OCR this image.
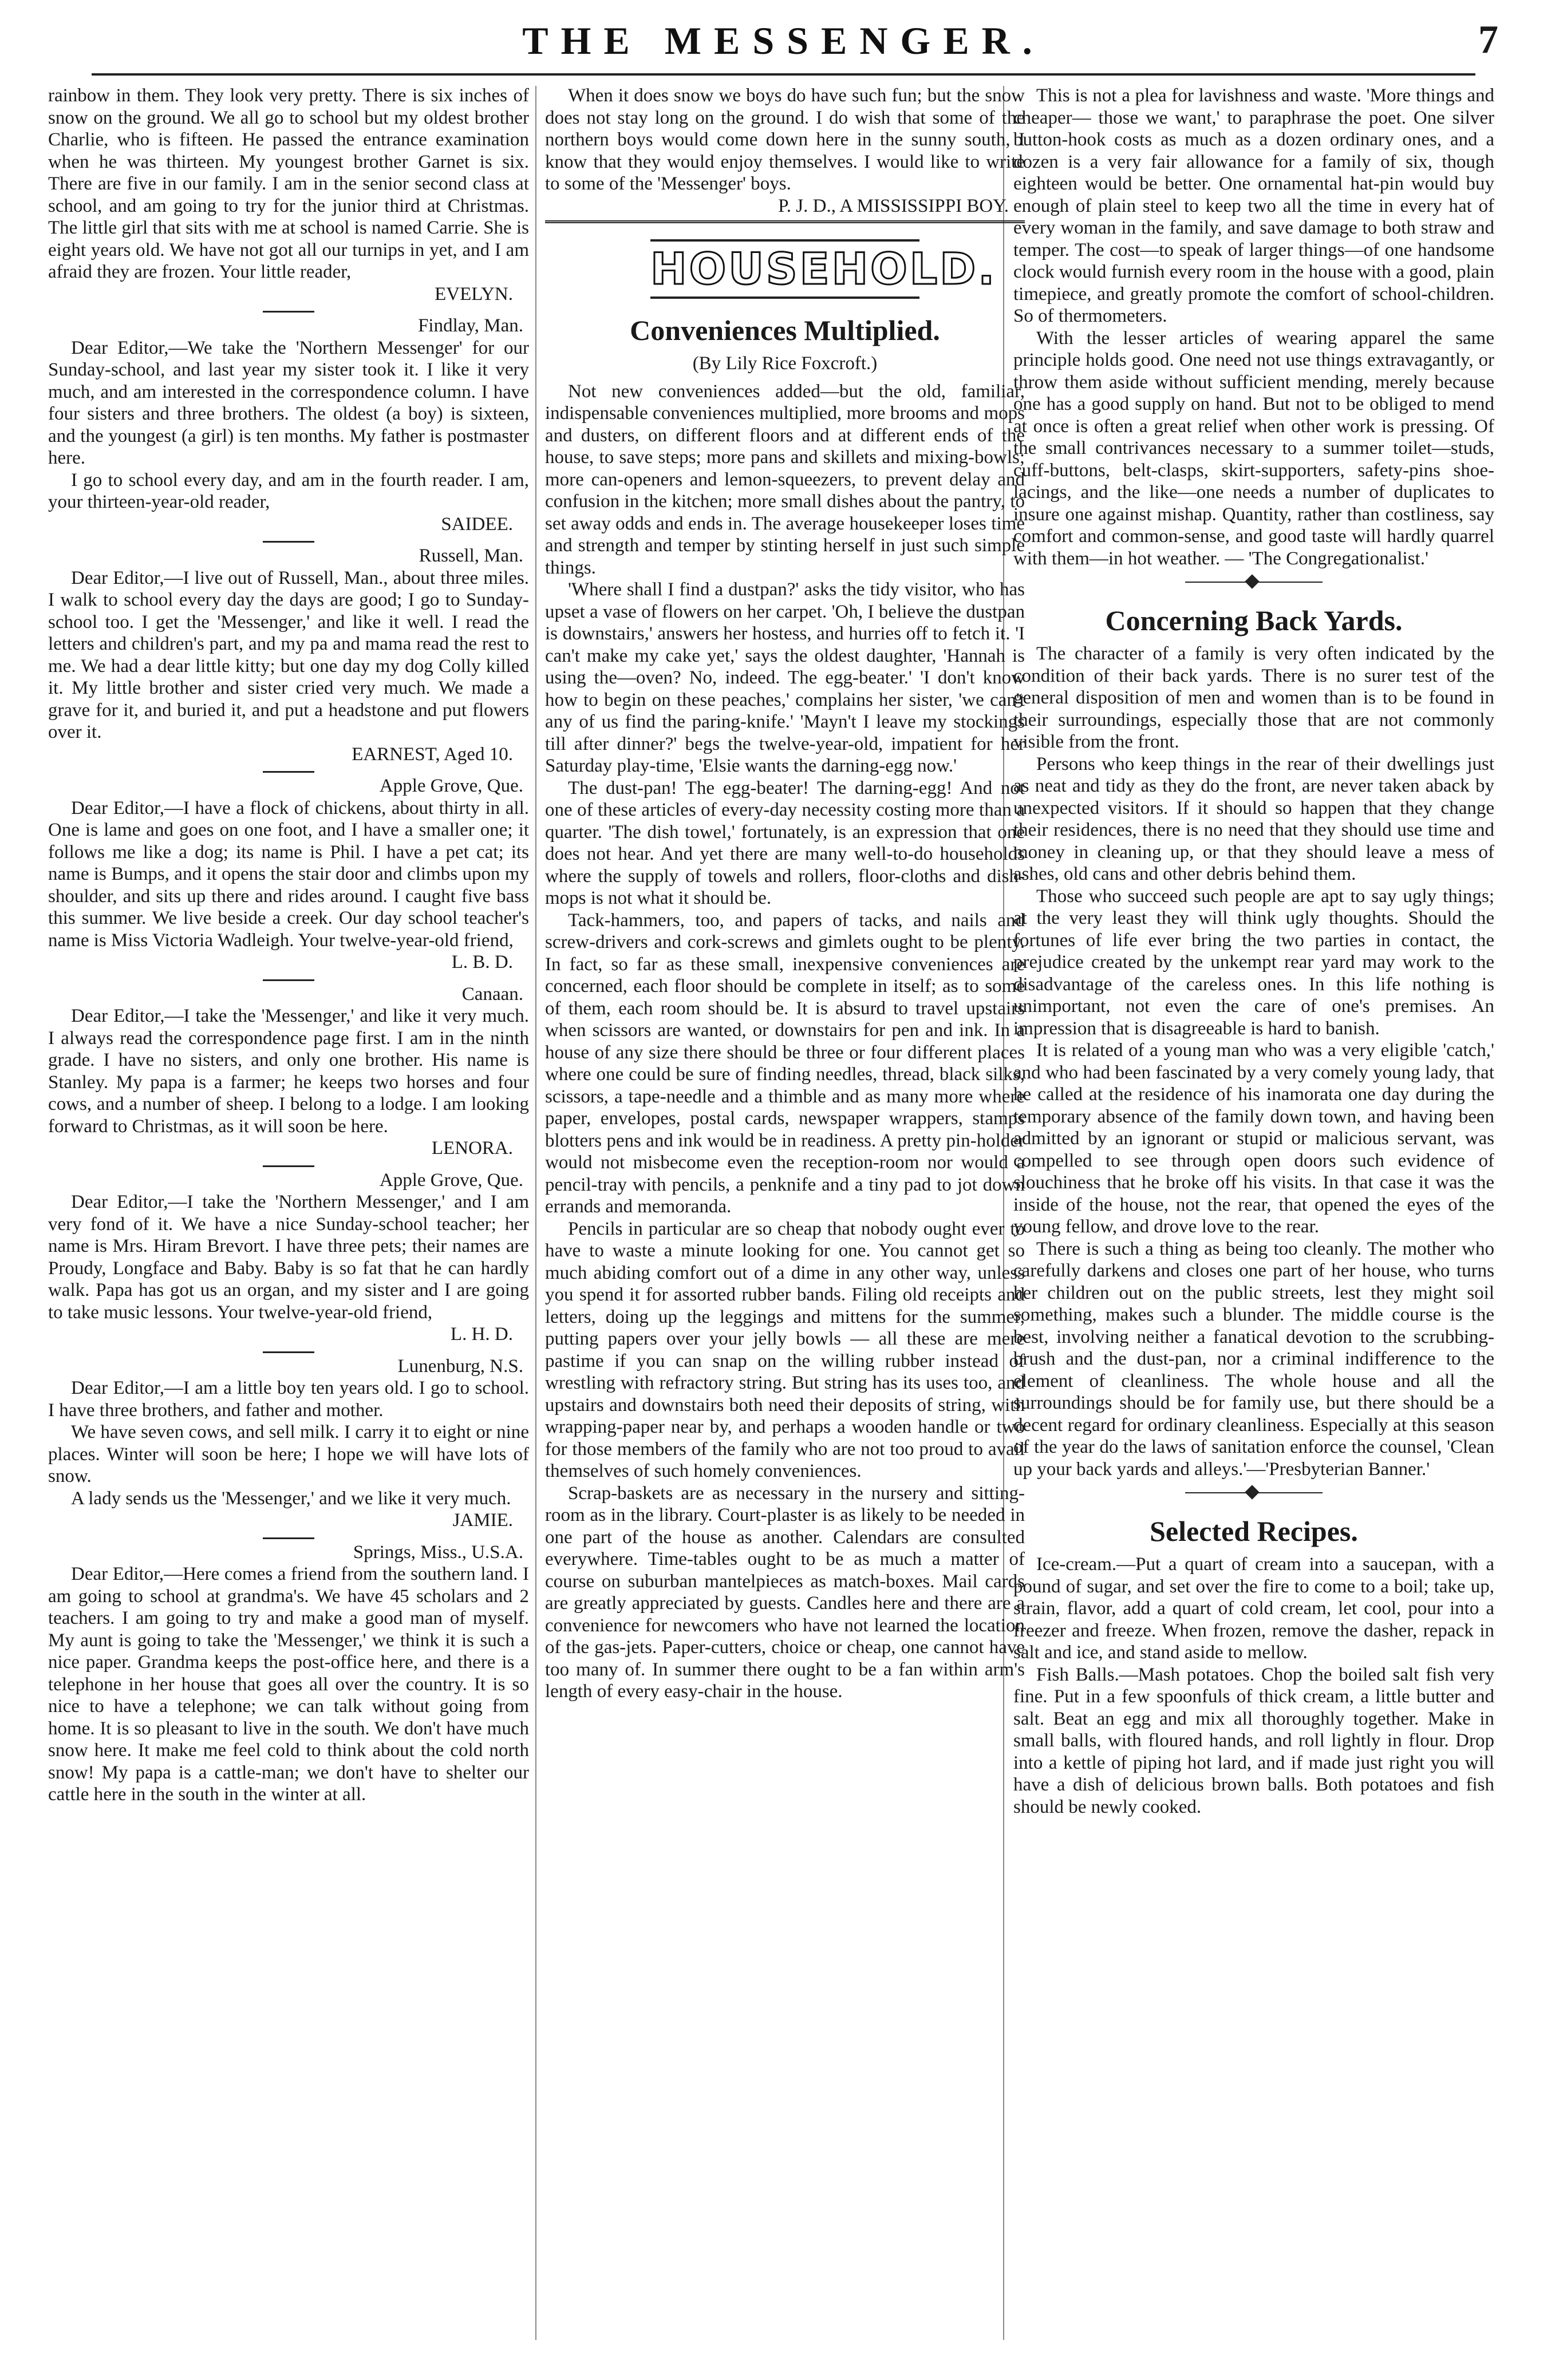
THE MESSENGER.	7

rainbow in them. They look very pretty. There is six inches of snow on the ground. We all go to school but my oldest brother Charlie, who is fifteen. He passed the entrance examination when he was thirteen. My youngest brother Garnet is six. There are five in our family. I am in the senior second class at school, and am going to try for the junior third at Christmas. The little girl that sits with me at school is named Carrie. She is eight years old. We have not got all our turnips in yet, and I am afraid they are frozen. Your little reader,

EVELYN.

Findlay, Man.

Dear Editor,—We take the 'Northern Messenger' for our Sunday-school, and last year my sister took it. I like it very much, and am interested in the correspondence column. I have four sisters and three brothers. The oldest (a boy) is sixteen, and the youngest (a girl) is ten months. My father is postmaster here.

I go to school every day, and am in the fourth reader. I am, your thirteen-year-old reader,

SAIDEE.

Russell, Man.

Dear Editor,—I live out of Russell, Man., about three miles. I walk to school every day the days are good; I go to Sunday-school too. I get the 'Messenger,' and like it well. I read the letters and children's part, and my pa and mama read the rest to me. We had a dear little kitty; but one day my dog Colly killed it. My little brother and sister cried very much. We made a grave for it, and buried it, and put a headstone and put flowers over it.

EARNEST, Aged 10.

Apple Grove, Que.

Dear Editor,—I have a flock of chickens, about thirty in all. One is lame and goes on one foot, and I have a smaller one; it follows me like a dog; its name is Phil. I have a pet cat; its name is Bumps, and it opens the stair door and climbs upon my shoulder, and sits up there and rides around. I caught five bass this summer. We live beside a creek. Our day school teacher's name is Miss Victoria Wadleigh. Your twelve-year-old friend,

L. B. D.

Canaan.

Dear Editor,—I take the 'Messenger,' and like it very much. I always read the correspondence page first. I am in the ninth grade. I have no sisters, and only one brother. His name is Stanley. My papa is a farmer; he keeps two horses and four cows, and a number of sheep. I belong to a lodge. I am looking forward to Christmas, as it will soon be here.

LENORA.

Apple Grove, Que.

Dear Editor,—I take the 'Northern Messenger,' and I am very fond of it. We have a nice Sunday-school teacher; her name is Mrs. Hiram Brevort. I have three pets; their names are Proudy, Longface and Baby. Baby is so fat that he can hardly walk. Papa has got us an organ, and my sister and I are going to take music lessons. Your twelve-year-old friend,

L. H. D.

Lunenburg, N.S.

Dear Editor,—I am a little boy ten years old. I go to school. I have three brothers, and father and mother.

We have seven cows, and sell milk. I carry it to eight or nine places. Winter will soon be here; I hope we will have lots of snow.

A lady sends us the 'Messenger,' and we like it very much.

JAMIE.

Springs, Miss., U.S.A.

Dear Editor,—Here comes a friend from the southern land. I am going to school at grandma's. We have 45 scholars and 2 teachers. I am going to try and make a good man of myself. My aunt is going to take the 'Messenger,' we think it is such a nice paper. Grandma keeps the post-office here, and there is a telephone in her house that goes all over the country. It is so nice to have a telephone; we can talk without going from home. It is so pleasant to live in the south. We don't have much snow here. It make me feel cold to think about the cold north snow! My papa is a cattle-man; we don't have to shelter our cattle here in the south in the winter at all.

When it does snow we boys do have such fun; but the snow does not stay long on the ground. I do wish that some of the northern boys would come down here in the sunny south, I know that they would enjoy themselves. I would like to write to some of the 'Messenger' boys.

P. J. D., A MISSISSIPPI BOY.

HOUSEHOLD.

Conveniences Multiplied.

(By Lily Rice Foxcroft.)

Not new conveniences added—but the old, familiar, indispensable conveniences multiplied, more brooms and mops and dusters, on different floors and at different ends of the house, to save steps; more pans and skillets and mixing-bowls; more can-openers and lemon-squeezers, to prevent delay and confusion in the kitchen; more small dishes about the pantry, to set away odds and ends in. The average housekeeper loses time and strength and temper by stinting herself in just such simple things.

'Where shall I find a dustpan?' asks the tidy visitor, who has upset a vase of flowers on her carpet. 'Oh, I believe the dustpan is downstairs,' answers her hostess, and hurries off to fetch it. 'I can't make my cake yet,' says the oldest daughter, 'Hannah is using the—oven? No, indeed. The egg-beater.' 'I don't know how to begin on these peaches,' complains her sister, 'we can't any of us find the paring-knife.' 'Mayn't I leave my stockings till after dinner?' begs the twelve-year-old, impatient for her Saturday play-time, 'Elsie wants the darning-egg now.'

The dust-pan! The egg-beater! The darning-egg! And not one of these articles of every-day necessity costing more than a quarter. 'The dish towel,' fortunately, is an expression that one does not hear. And yet there are many well-to-do households where the supply of towels and rollers, floor-cloths and dish-mops is not what it should be.

Tack-hammers, too, and papers of tacks, and nails and screw-drivers and cork-screws and gimlets ought to be plenty. In fact, so far as these small, inexpensive conveniences are concerned, each floor should be complete in itself; as to some of them, each room should be. It is absurd to travel upstairs when scissors are wanted, or downstairs for pen and ink. In a house of any size there should be three or four different places where one could be sure of finding needles, thread, black silks, scissors, a tape-needle and a thimble and as many more where paper, envelopes, postal cards, newspaper wrappers, stamps blotters pens and ink would be in readiness. A pretty pin-holder would not misbecome even the reception-room nor would a pencil-tray with pencils, a penknife and a tiny pad to jot down errands and memoranda.

Pencils in particular are so cheap that nobody ought ever to have to waste a minute looking for one. You cannot get so much abiding comfort out of a dime in any other way, unless you spend it for assorted rubber bands. Filing old receipts and letters, doing up the leggings and mittens for the summer, putting papers over your jelly bowls — all these are mere pastime if you can snap on the willing rubber instead of wrestling with refractory string. But string has its uses too, and upstairs and downstairs both need their deposits of string, with wrapping-paper near by, and perhaps a wooden handle or two for those members of the family who are not too proud to avail themselves of such homely conveniences.

Scrap-baskets are as necessary in the nursery and sitting-room as in the library. Court-plaster is as likely to be needed in one part of the house as another. Calendars are consulted everywhere. Time-tables ought to be as much a matter of course on suburban mantelpieces as match-boxes. Mail cards are greatly appreciated by guests. Candles here and there are a convenience for newcomers who have not learned the location of the gas-jets. Paper-cutters, choice or cheap, one cannot have too many of. In summer there ought to be a fan within arm's length of every easy-chair in the house.

This is not a plea for lavishness and waste. 'More things and cheaper— those we want,' to paraphrase the poet. One silver button-hook costs as much as a dozen ordinary ones, and a dozen is a very fair allowance for a family of six, though eighteen would be better. One ornamental hat-pin would buy enough of plain steel to keep two all the time in every hat of every woman in the family, and save damage to both straw and temper. The cost—to speak of larger things—of one handsome clock would furnish every room in the house with a good, plain timepiece, and greatly promote the comfort of school-children. So of thermometers.

With the lesser articles of wearing apparel the same principle holds good. One need not use things extravagantly, or throw them aside without sufficient mending, merely because one has a good supply on hand. But not to be obliged to mend at once is often a great relief when other work is pressing. Of the small contrivances necessary to a summer toilet—studs, cuff-buttons, belt-clasps, skirt-supporters, safety-pins shoe-lacings, and the like—one needs a number of duplicates to insure one against mishap. Quantity, rather than costliness, say comfort and common-sense, and good taste will hardly quarrel with them—in hot weather. — 'The Congregationalist.'

Concerning Back Yards.

The character of a family is very often indicated by the condition of their back yards. There is no surer test of the general disposition of men and women than is to be found in their surroundings, especially those that are not commonly visible from the front.

Persons who keep things in the rear of their dwellings just as neat and tidy as they do the front, are never taken aback by unexpected visitors. If it should so happen that they change their residences, there is no need that they should use time and money in cleaning up, or that they should leave a mess of ashes, old cans and other debris behind them.

Those who succeed such people are apt to say ugly things; at the very least they will think ugly thoughts. Should the fortunes of life ever bring the two parties in contact, the prejudice created by the unkempt rear yard may work to the disadvantage of the careless ones. In this life nothing is unimportant, not even the care of one's premises. An impression that is disagreeable is hard to banish.

It is related of a young man who was a very eligible 'catch,' and who had been fascinated by a very comely young lady, that he called at the residence of his inamorata one day during the temporary absence of the family down town, and having been admitted by an ignorant or stupid or malicious servant, was compelled to see through open doors such evidence of slouchiness that he broke off his visits. In that case it was the inside of the house, not the rear, that opened the eyes of the young fellow, and drove love to the rear.

There is such a thing as being too cleanly. The mother who carefully darkens and closes one part of her house, who turns her children out on the public streets, lest they might soil something, makes such a blunder. The middle course is the best, involving neither a fanatical devotion to the scrubbing-brush and the dust-pan, nor a criminal indifference to the element of cleanliness. The whole house and all the surroundings should be for family use, but there should be a decent regard for ordinary cleanliness. Especially at this season of the year do the laws of sanitation enforce the counsel, 'Clean up your back yards and alleys.'—'Presbyterian Banner.'

Selected Recipes.

Ice-cream.—Put a quart of cream into a saucepan, with a pound of sugar, and set over the fire to come to a boil; take up, strain, flavor, add a quart of cold cream, let cool, pour into a freezer and freeze. When frozen, remove the dasher, repack in salt and ice, and stand aside to mellow.

Fish Balls.—Mash potatoes. Chop the boiled salt fish very fine. Put in a few spoonfuls of thick cream, a little butter and salt. Beat an egg and mix all thoroughly together. Make in small balls, with floured hands, and roll lightly in flour. Drop into a kettle of piping hot lard, and if made just right you will have a dish of delicious brown balls. Both potatoes and fish should be newly cooked.
